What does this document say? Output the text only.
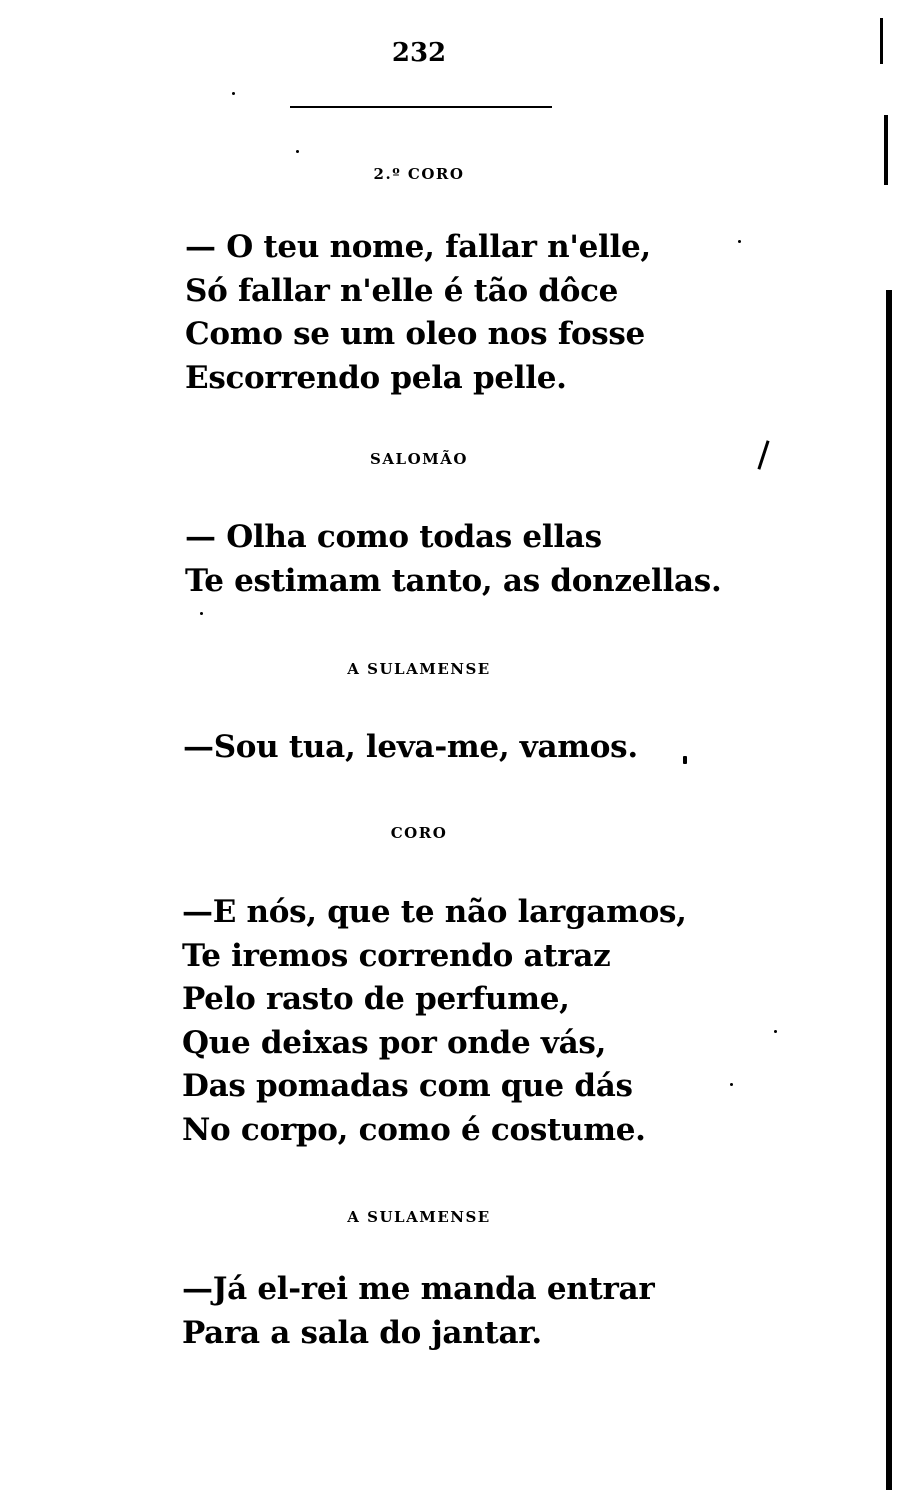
232
2.º CORO
— O teu nome, fallar n'elle,
Só fallar n'elle é tão dôce
Como se um oleo nos fosse
Escorrendo pela pelle.
SALOMÃO
— Olha como todas ellas
Te estimam tanto, as donzellas.
A SULAMENSE
—Sou tua, leva-me, vamos.
CORO
—E nós, que te não largamos,
Te iremos correndo atraz
Pelo rasto de perfume,
Que deixas por onde vás,
Das pomadas com que dás
No corpo, como é costume.
A SULAMENSE
—Já el-rei me manda entrar
Para a sala do jantar.
